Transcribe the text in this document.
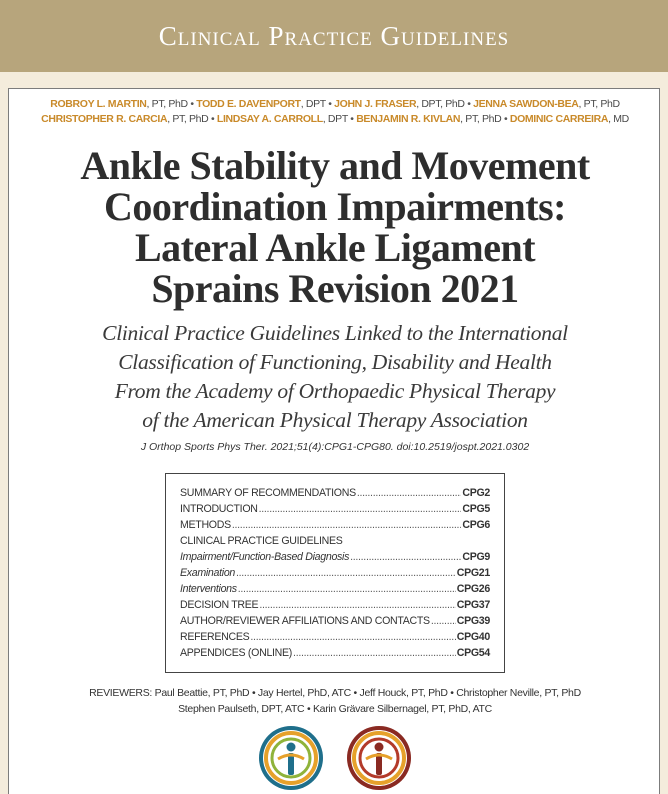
Clinical Practice Guidelines
ROBROY L. MARTIN, PT, PhD • TODD E. DAVENPORT, DPT • JOHN J. FRASER, DPT, PhD • JENNA SAWDON-BEA, PT, PhD
CHRISTOPHER R. CARCIA, PT, PhD • LINDSAY A. CARROLL, DPT • BENJAMIN R. KIVLAN, PT, PhD • DOMINIC CARREIRA, MD
Ankle Stability and Movement
Coordination Impairments:
Lateral Ankle Ligament
Sprains Revision 2021
Clinical Practice Guidelines Linked to the International
Classification of Functioning, Disability and Health
From the Academy of Orthopaedic Physical Therapy
of the American Physical Therapy Association
J Orthop Sports Phys Ther. 2021;51(4):CPG1-CPG80. doi:10.2519/jospt.2021.0302
SUMMARY OF RECOMMENDATIONS .....	CPG2
INTRODUCTION .....	CPG5
METHODS .....	CPG6
CLINICAL PRACTICE GUIDELINES
Impairment/Function-Based Diagnosis .....	CPG9
Examination .....	CPG21
Interventions .....	CPG26
DECISION TREE .....	CPG37
AUTHOR/REVIEWER AFFILIATIONS AND CONTACTS .....	CPG39
REFERENCES .....	CPG40
APPENDICES (ONLINE) .....	CPG54
REVIEWERS: Paul Beattie, PT, PhD • Jay Hertel, PhD, ATC • Jeff Houck, PT, PhD • Christopher Neville, PT, PhD
Stephen Paulseth, DPT, ATC • Karin Grävare Silbernagel, PT, PhD, ATC
